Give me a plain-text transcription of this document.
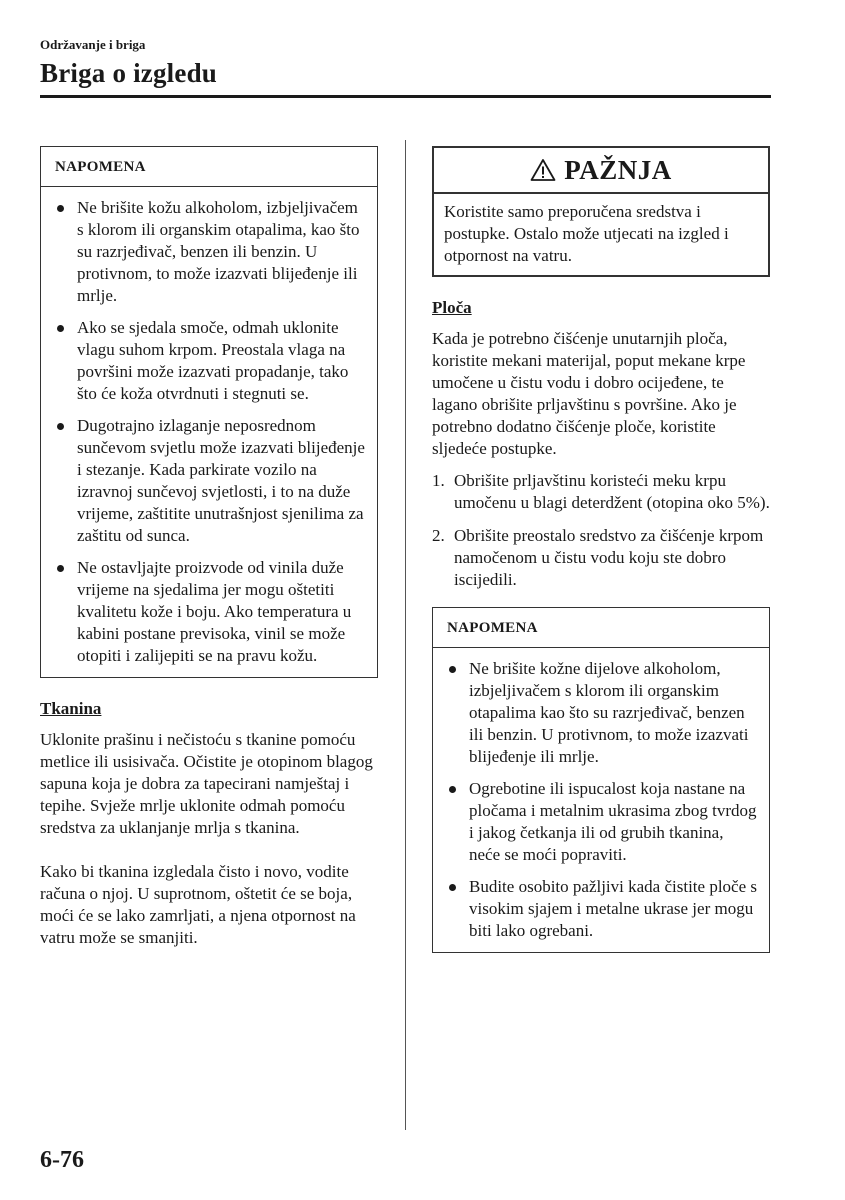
Održavanje i briga
Briga o izgledu
NAPOMENA
Ne brišite kožu alkoholom, izbjeljivačem s klorom ili organskim otapalima, kao što su razrjeđivač, benzen ili benzin. U protivnom, to može izazvati blijeđenje ili mrlje.
Ako se sjedala smoče, odmah uklonite vlagu suhom krpom. Preostala vlaga na površini može izazvati propadanje, tako što će koža otvrdnuti i stegnuti se.
Dugotrajno izlaganje neposrednom sunčevom svjetlu može izazvati blijeđenje i stezanje. Kada parkirate vozilo na izravnoj sunčevoj svjetlosti, i to na duže vrijeme, zaštitite unutrašnjost sjenilima za zaštitu od sunca.
Ne ostavljajte proizvode od vinila duže vrijeme na sjedalima jer mogu oštetiti kvalitetu kože i boju. Ako temperatura u kabini postane previsoka, vinil se može otopiti i zalijepiti se na pravu kožu.
Tkanina

Uklonite prašinu i nečistoću s tkanine pomoću metlice ili usisivača. Očistite je otopinom blagog sapuna koja je dobra za tapecirani namještaj i tepihe. Svježe mrlje uklonite odmah pomoću sredstva za uklanjanje mrlja s tkanina.

Kako bi tkanina izgledala čisto i novo, vodite računa o njoj. U suprotnom, oštetit će se boja, moći će se lako zamrljati, a njena otpornost na vatru može se smanjiti.

PAŽNJA
Koristite samo preporučena sredstva i postupke. Ostalo može utjecati na izgled i otpornost na vatru.
Ploča

Kada je potrebno čišćenje unutarnjih ploča, koristite mekani materijal, poput mekane krpe umočene u čistu vodu i dobro ocijeđene, te lagano obrišite prljavštinu s površine. Ako je potrebno dodatno čišćenje ploče, koristite sljedeće postupke.

1. Obrišite prljavštinu koristeći meku krpu umočenu u blagi deterdžent (otopina oko 5%).
2. Obrišite preostalo sredstvo za čišćenje krpom namočenom u čistu vodu koju ste dobro iscijedili.
NAPOMENA
Ne brišite kožne dijelove alkoholom, izbjeljivačem s klorom ili organskim otapalima kao što su razrjeđivač, benzen ili benzin. U protivnom, to može izazvati blijeđenje ili mrlje.
Ogrebotine ili ispucalost koja nastane na pločama i metalnim ukrasima zbog tvrdog i jakog četkanja ili od grubih tkanina, neće se moći popraviti.
Budite osobito pažljivi kada čistite ploče s visokim sjajem i metalne ukrase jer mogu biti lako ogrebani.
6-76
